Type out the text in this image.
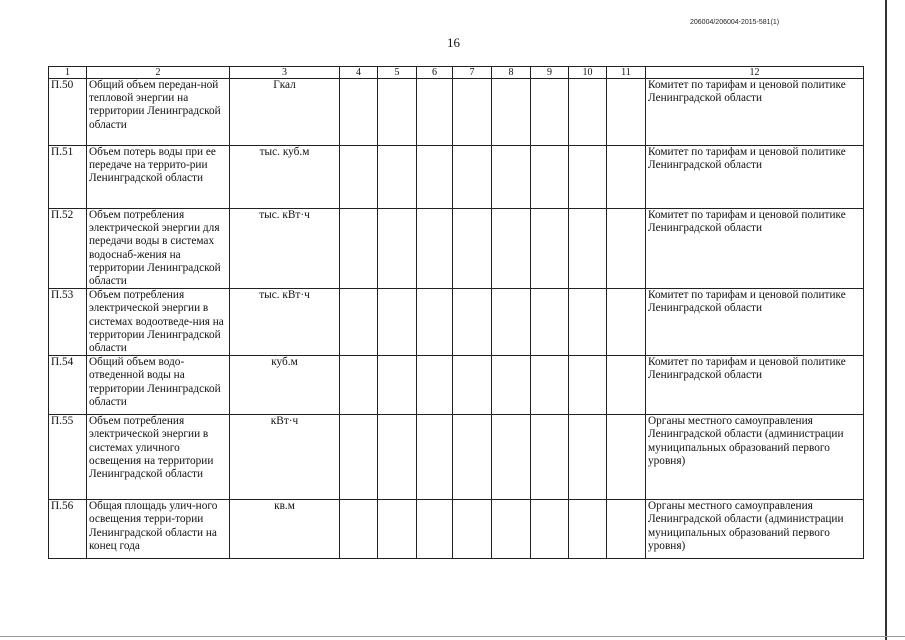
206004/206004-2015-581(1)
16
1	2	3	4	5	6	7	8	9	10	11	12
П.50	Общий объем передан-ной тепловой энергии на территории Ленинградской области	Гкал									Комитет по тарифам и ценовой политике Ленинградской области
П.51	Объем потерь воды при ее передаче на террито-рии Ленинградской области	тыс. куб.м									Комитет по тарифам и ценовой политике Ленинградской области
П.52	Объем потребления электрической энергии для передачи воды в системах водоснаб-жения на территории Ленинградской области	тыс. кВт·ч									Комитет по тарифам и ценовой политике Ленинградской области
П.53	Объем потребления электрической энергии в системах водоотведе-ния на территории Ленинградской области	тыс. кВт·ч									Комитет по тарифам и ценовой политике Ленинградской области
П.54	Общий объем водо-отведенной воды на территории Ленинградской области	куб.м									Комитет по тарифам и ценовой политике Ленинградской области
П.55	Объем потребления электрической энергии в системах уличного освещения на территории Ленинградской области	кВт·ч									Органы местного самоуправления Ленинградской области (администрации муниципальных образований первого уровня)
П.56	Общая площадь улич-ного освещения терри-тории Ленинградской области на конец года	кв.м									Органы местного самоуправления Ленинградской области (администрации муниципальных образований первого уровня)
